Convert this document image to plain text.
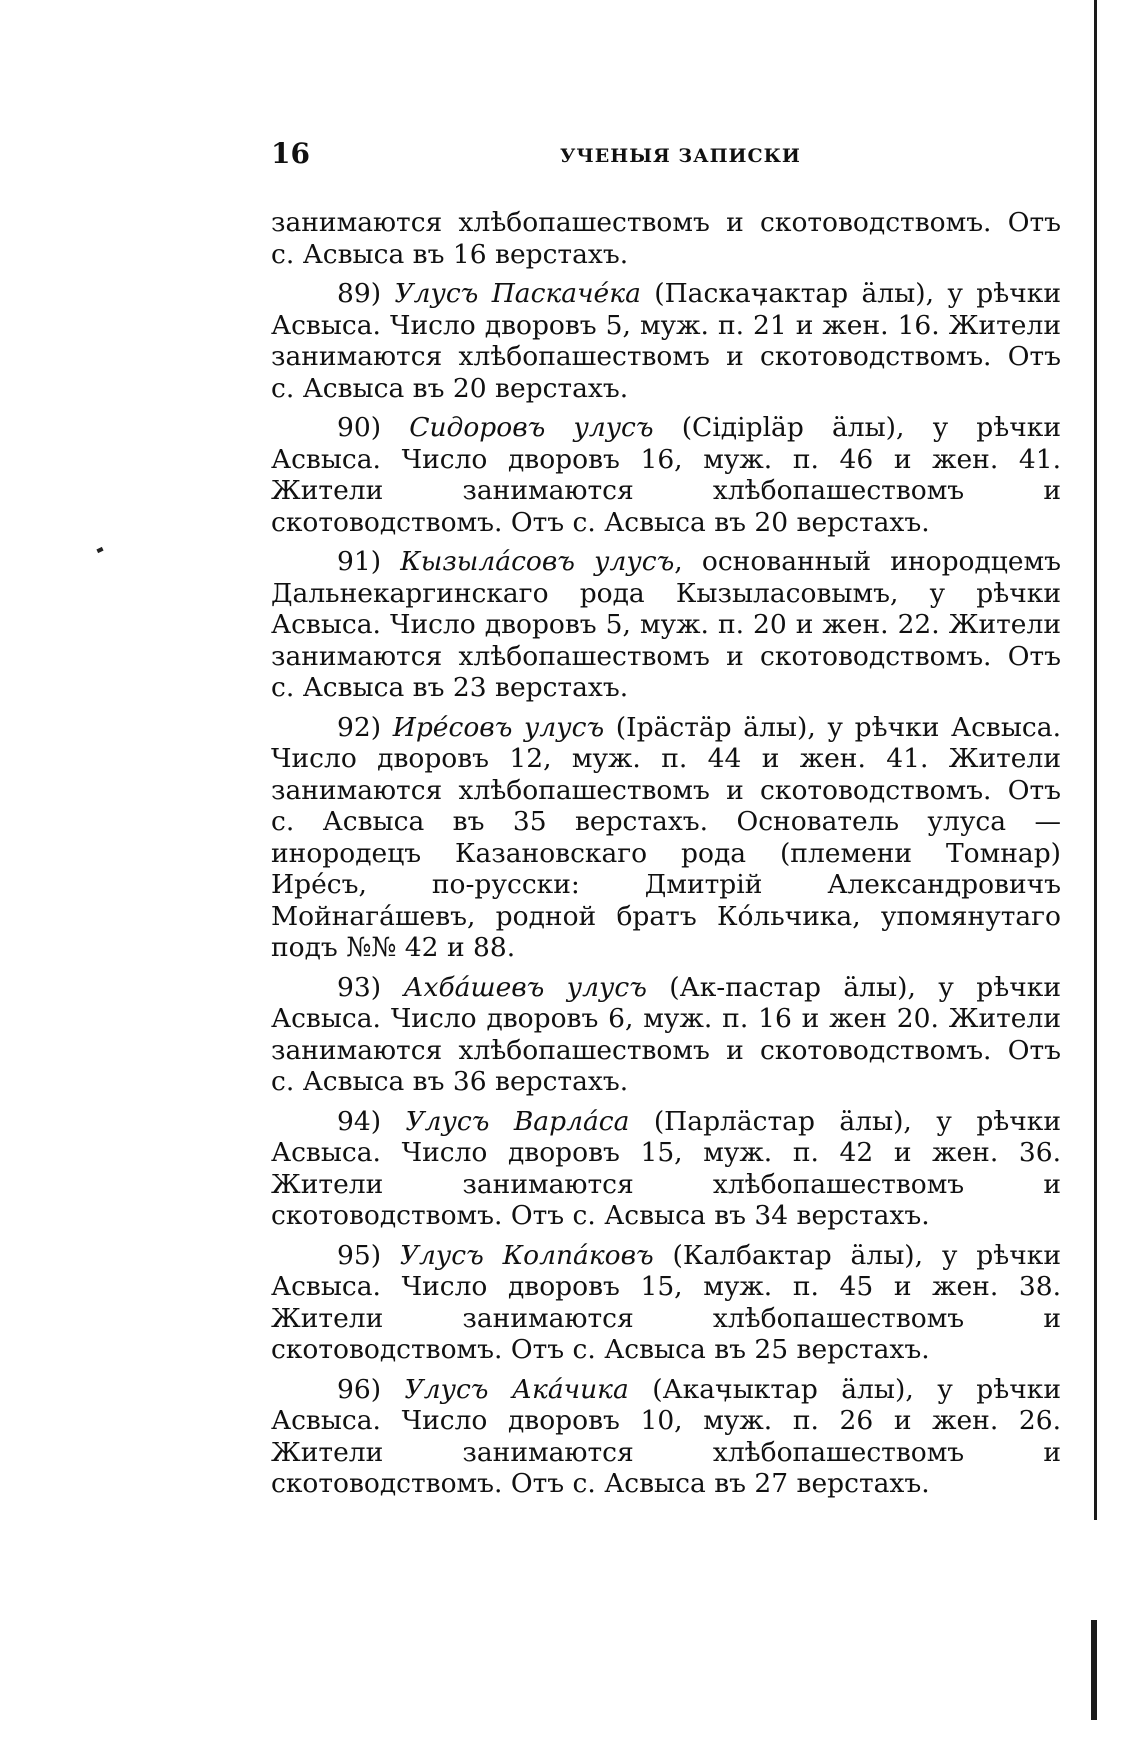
16	УЧЕНЫЯ ЗАПИСКИ

занимаются хлѣбопашествомъ и скотоводствомъ. Отъ с. Асвыса въ 16 верстахъ.

89) Улусъ Паскачéка (Паскаӌактар ӓлы), у рѣчки Асвыса. Число дворовъ 5, муж. п. 21 и жен. 16. Жители занимаются хлѣбопашествомъ и скотоводствомъ. Отъ с. Асвыса въ 20 верстахъ.

90) Сидоровъ улусъ (Сідірlӓр ӓлы), у рѣчки Асвыса. Число дворовъ 16, муж. п. 46 и жен. 41. Жители занимаются хлѣбопашествомъ и скотоводствомъ. Отъ с. Асвыса въ 20 верстахъ.

91) Кызыла́совъ улусъ, основанный инородцемъ Дальнекаргинскаго рода Кызыласовымъ, у рѣчки Асвыса. Число дворовъ 5, муж. п. 20 и жен. 22. Жители занимаются хлѣбопашествомъ и скотоводствомъ. Отъ с. Асвыса въ 23 верстахъ.

92) Ирéсовъ улусъ (Ірӓстӓр ӓлы), у рѣчки Асвыса. Число дворовъ 12, муж. п. 44 и жен. 41. Жители занимаются хлѣбопашествомъ и скотоводствомъ. Отъ с. Асвыса въ 35 верстахъ. Основатель улуса — инородецъ Казановскаго рода (племени Томнар) Ирéсъ, по-русски: Дмитрій Александровичъ Мойнага́шевъ, родной братъ Кóльчика, упомянутаго подъ №№ 42 и 88.

93) Ахба́шевъ улусъ (Ак-пастар ӓлы), у рѣчки Асвыса. Число дворовъ 6, муж. п. 16 и жен 20. Жители занимаются хлѣбопашествомъ и скотоводствомъ. Отъ с. Асвыса въ 36 верстахъ.

94) Улусъ Варла́са (Парлӓстар ӓлы), у рѣчки Асвыса. Число дворовъ 15, муж. п. 42 и жен. 36. Жители занимаются хлѣбопашествомъ и скотоводствомъ. Отъ с. Асвыса въ 34 верстахъ.

95) Улусъ Колпа́ковъ (Калбактар ӓлы), у рѣчки Асвыса. Число дворовъ 15, муж. п. 45 и жен. 38. Жители занимаются хлѣбопашествомъ и скотоводствомъ. Отъ с. Асвыса въ 25 верстахъ.

96) Улусъ Ака́чика (Акаӌыктар ӓлы), у рѣчки Асвыса. Число дворовъ 10, муж. п. 26 и жен. 26. Жители занимаются хлѣбопашествомъ и скотоводствомъ. Отъ с. Асвыса въ 27 верстахъ.
